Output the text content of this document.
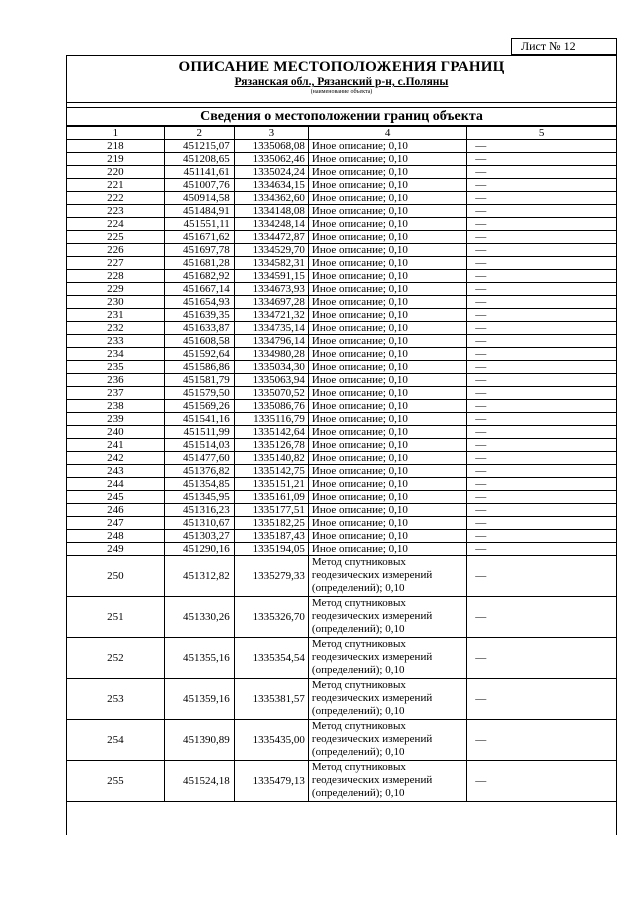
Лист № 12
ОПИСАНИЕ МЕСТОПОЛОЖЕНИЯ ГРАНИЦ
Рязанская обл., Рязанский р-н, с.Поляны
(наименование объекта)
Сведения о местоположении границ объекта
1	2	3	4	5
218	451215,07	1335068,08	Иное описание; 0,10	—
219	451208,65	1335062,46	Иное описание; 0,10	—
220	451141,61	1335024,24	Иное описание; 0,10	—
221	451007,76	1334634,15	Иное описание; 0,10	—
222	450914,58	1334362,60	Иное описание; 0,10	—
223	451484,91	1334148,08	Иное описание; 0,10	—
224	451551,11	1334248,14	Иное описание; 0,10	—
225	451671,62	1334472,87	Иное описание; 0,10	—
226	451697,78	1334529,70	Иное описание; 0,10	—
227	451681,28	1334582,31	Иное описание; 0,10	—
228	451682,92	1334591,15	Иное описание; 0,10	—
229	451667,14	1334673,93	Иное описание; 0,10	—
230	451654,93	1334697,28	Иное описание; 0,10	—
231	451639,35	1334721,32	Иное описание; 0,10	—
232	451633,87	1334735,14	Иное описание; 0,10	—
233	451608,58	1334796,14	Иное описание; 0,10	—
234	451592,64	1334980,28	Иное описание; 0,10	—
235	451586,86	1335034,30	Иное описание; 0,10	—
236	451581,79	1335063,94	Иное описание; 0,10	—
237	451579,50	1335070,52	Иное описание; 0,10	—
238	451569,26	1335086,76	Иное описание; 0,10	—
239	451541,16	1335116,79	Иное описание; 0,10	—
240	451511,99	1335142,64	Иное описание; 0,10	—
241	451514,03	1335126,78	Иное описание; 0,10	—
242	451477,60	1335140,82	Иное описание; 0,10	—
243	451376,82	1335142,75	Иное описание; 0,10	—
244	451354,85	1335151,21	Иное описание; 0,10	—
245	451345,95	1335161,09	Иное описание; 0,10	—
246	451316,23	1335177,51	Иное описание; 0,10	—
247	451310,67	1335182,25	Иное описание; 0,10	—
248	451303,27	1335187,43	Иное описание; 0,10	—
249	451290,16	1335194,05	Иное описание; 0,10	—
250	451312,82	1335279,33	Метод спутниковых
геодезических измерений
(определений); 0,10	—
251	451330,26	1335326,70	Метод спутниковых
геодезических измерений
(определений); 0,10	—
252	451355,16	1335354,54	Метод спутниковых
геодезических измерений
(определений); 0,10	—
253	451359,16	1335381,57	Метод спутниковых
геодезических измерений
(определений); 0,10	—
254	451390,89	1335435,00	Метод спутниковых
геодезических измерений
(определений); 0,10	—
255	451524,18	1335479,13	Метод спутниковых
геодезических измерений
(определений); 0,10	—
